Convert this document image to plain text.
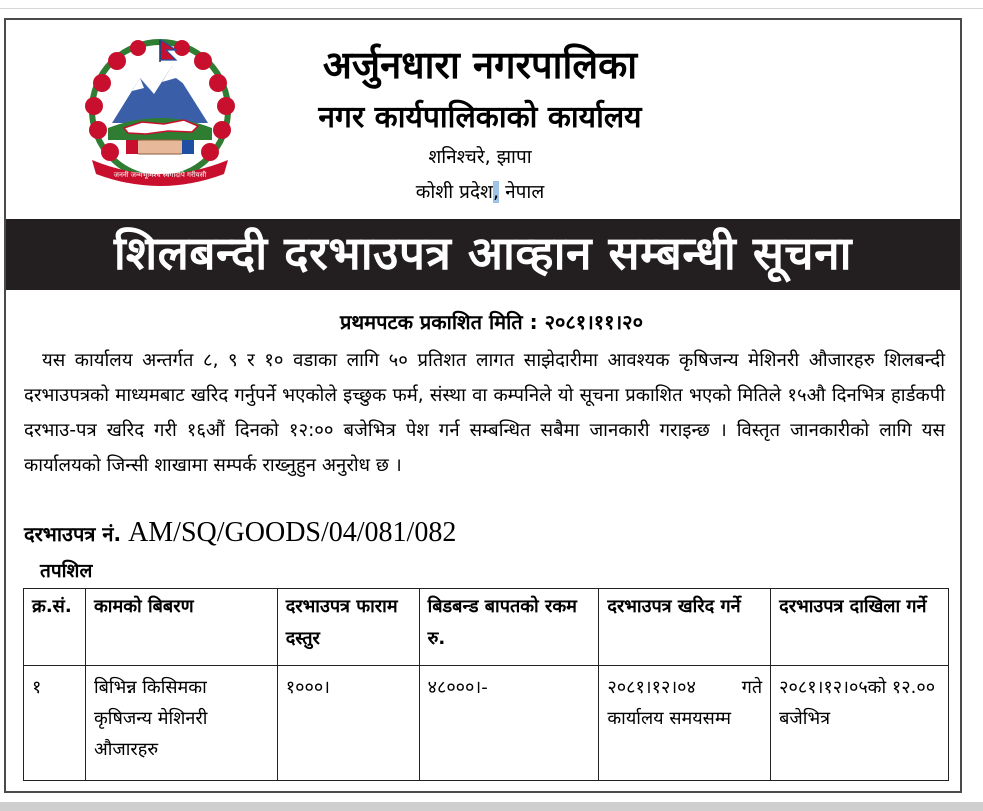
जननी जन्मभूमिश्च स्वर्गादपि गरीयसी
अर्जुनधारा नगरपालिका
नगर कार्यपालिकाको कार्यालय
शनिश्चरे, झापा
कोशी प्रदेश, नेपाल
शिलबन्दी दरभाउपत्र आव्हान सम्बन्धी सूचना
प्रथमपटक प्रकाशित मिति : २०८१।११।२०
यस कार्यालय अन्तर्गत ८, ९ र १० वडाका लागि ५० प्रतिशत लागत साझेदारीमा आवश्यक कृषिजन्य मेशिनरी औजारहरु शिलबन्दी दरभाउपत्रको माध्यमबाट खरिद गर्नुपर्ने भएकोले इच्छुक फर्म, संस्था वा कम्पनिले यो सूचना प्रकाशित भएको मितिले १५औ दिनभित्र हार्डकपी दरभाउ-पत्र खरिद गरी १६औं दिनको १२:०० बजेभित्र पेश गर्न सम्बन्धित सबैमा जानकारी गराइन्छ । विस्तृत जानकारीको लागि यस कार्यालयको जिन्सी शाखामा सम्पर्क राख्नुहुन अनुरोध छ ।
दरभाउपत्र नं. AM/SQ/GOODS/04/081/082
तपशिल
क्र.सं.	कामको बिबरण	दरभाउपत्र फाराम दस्तुर	बिडबन्ड बापतको रकम रु.	दरभाउपत्र खरिद गर्ने	दरभाउपत्र दाखिला गर्ने
१	बिभिन्न किसिमका कृषिजन्य मेशिनरी औजारहरु	१०००।	४८०००।-	२०८१।१२।०४ गते कार्यालय समयसम्म	२०८१।१२।०५को १२.०० बजेभित्र
